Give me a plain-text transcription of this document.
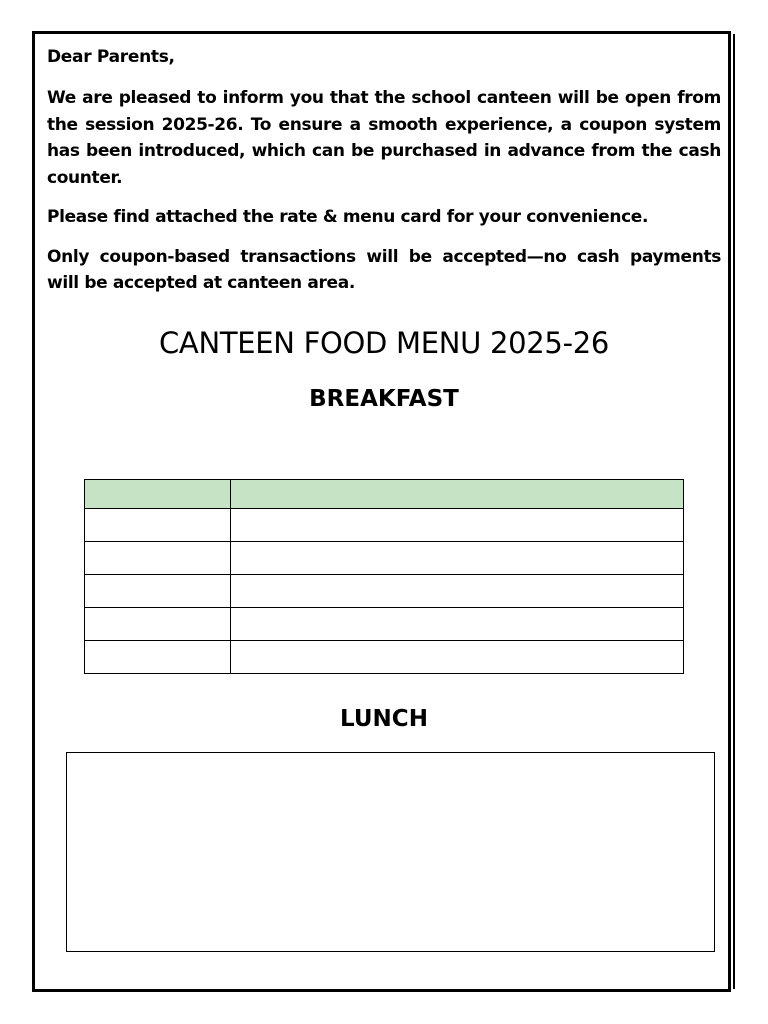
Dear Parents,

We are pleased to inform you that the school canteen will be open from the session 2025-26. To ensure a smooth experience, a coupon system has been introduced, which can be purchased in advance from the cash counter.

Please find attached the rate & menu card for your convenience.

Only coupon-based transactions will be accepted—no cash payments will be accepted at canteen area.

CANTEEN FOOD MENU 2025-26
BREAKFAST

LUNCH
